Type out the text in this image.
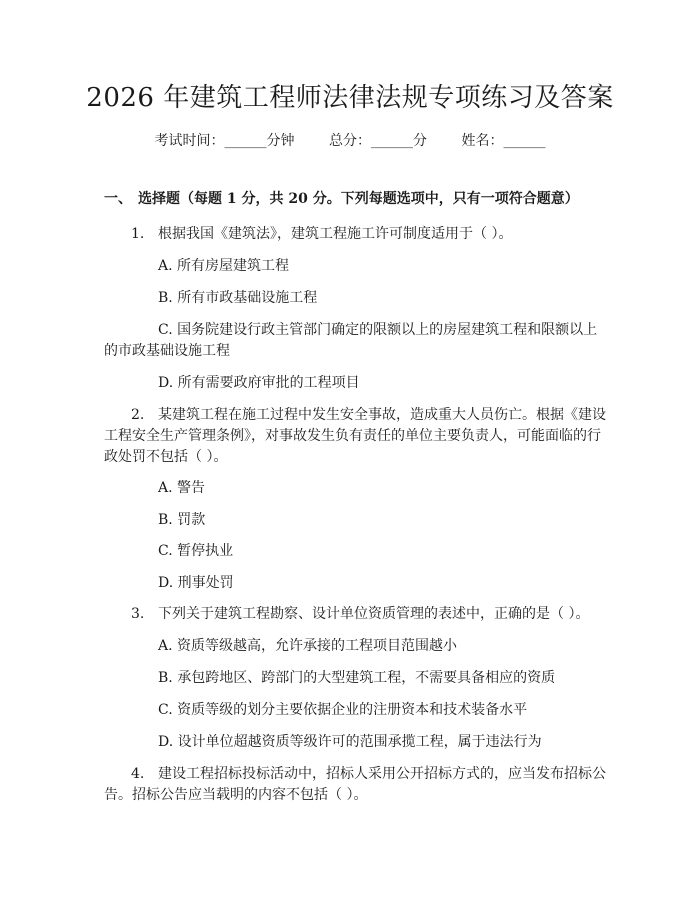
2026 年建筑工程师法律法规专项练习及答案
考试时间：______分钟 总分：______分 姓名：______
一、 选择题（每题 1 分，共 20 分。下列每题选项中，只有一项符合题意）
1. 根据我国《建筑法》，建筑工程施工许可制度适用于（ ）。
A. 所有房屋建筑工程
B. 所有市政基础设施工程
C. 国务院建设行政主管部门确定的限额以上的房屋建筑工程和限额以上
的市政基础设施工程
D. 所有需要政府审批的工程项目
2. 某建筑工程在施工过程中发生安全事故，造成重大人员伤亡。根据《建设
工程安全生产管理条例》，对事故发生负有责任的单位主要负责人，可能面临的行
政处罚不包括（ ）。
A. 警告
B. 罚款
C. 暂停执业
D. 刑事处罚
3. 下列关于建筑工程勘察、设计单位资质管理的表述中，正确的是（ ）。
A. 资质等级越高，允许承接的工程项目范围越小
B. 承包跨地区、跨部门的大型建筑工程，不需要具备相应的资质
C. 资质等级的划分主要依据企业的注册资本和技术装备水平
D. 设计单位超越资质等级许可的范围承揽工程，属于违法行为
4. 建设工程招标投标活动中，招标人采用公开招标方式的，应当发布招标公
告。招标公告应当载明的内容不包括（ ）。
